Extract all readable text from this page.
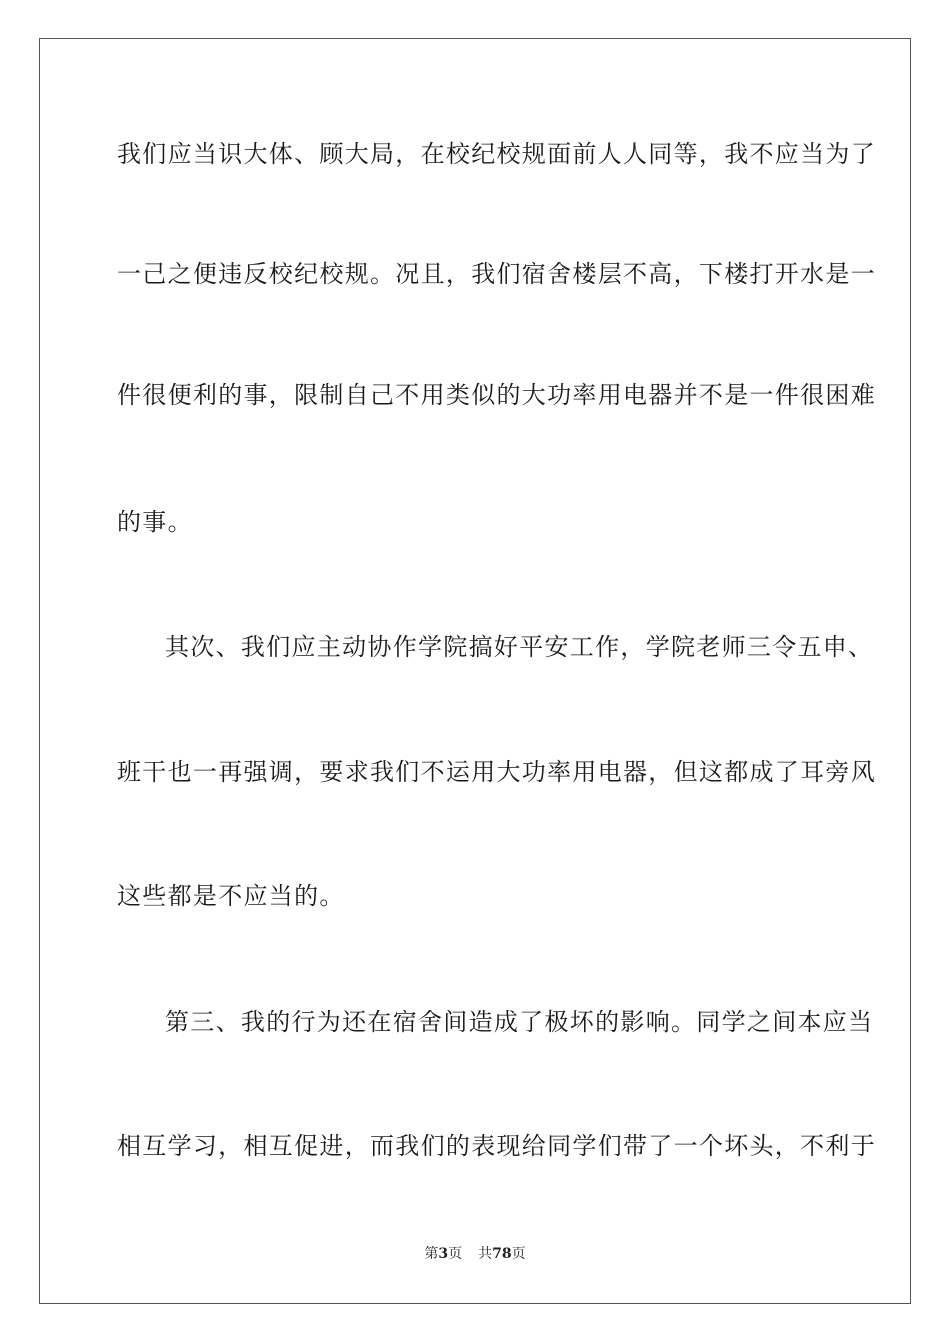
我们应当识大体、顾大局，在校纪校规面前人人同等，我不应当为了
一己之便违反校纪校规。况且，我们宿舍楼层不高，下楼打开水是一
件很便利的事，限制自己不用类似的大功率用电器并不是一件很困难
的事。
其次、我们应主动协作学院搞好平安工作，学院老师三令五申、
班干也一再强调，要求我们不运用大功率用电器，但这都成了耳旁风
这些都是不应当的。
第三、我的行为还在宿舍间造成了极坏的影响。同学之间本应当
相互学习，相互促进，而我们的表现给同学们带了一个坏头，不利于
第3页 共78页
